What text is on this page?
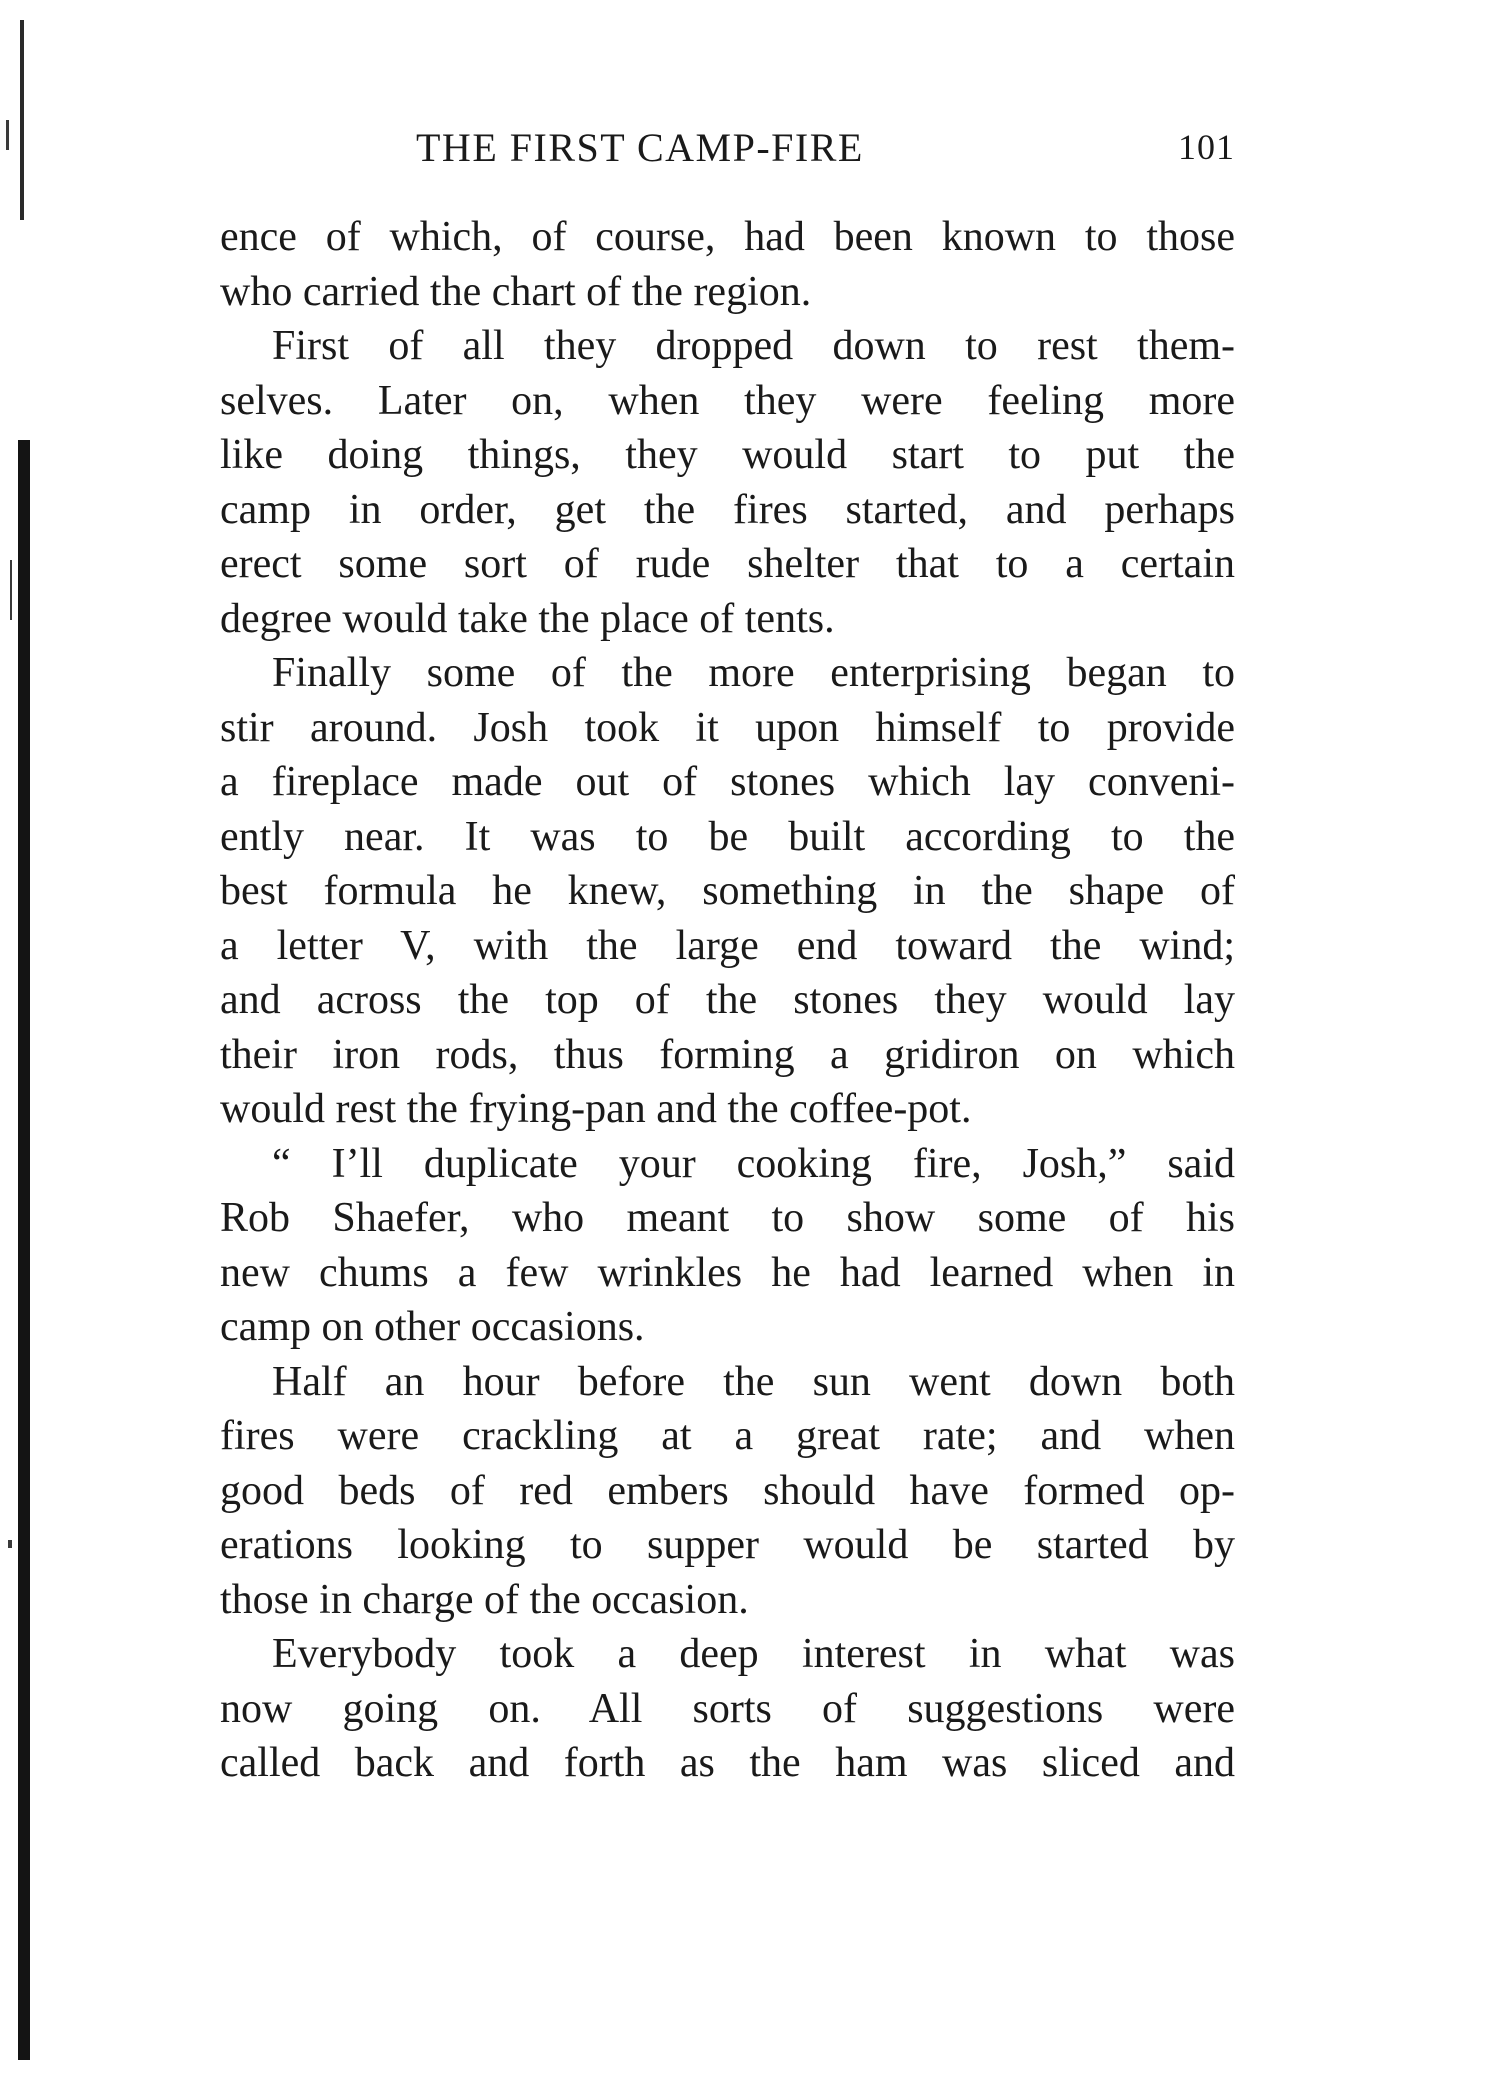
THE FIRST CAMP-FIRE	101
ence of which, of course, had been known to those
who carried the chart of the region.
First of all they dropped down to rest them-
selves. Later on, when they were feeling more
like doing things, they would start to put the
camp in order, get the fires started, and perhaps
erect some sort of rude shelter that to a certain
degree would take the place of tents.
Finally some of the more enterprising began to
stir around. Josh took it upon himself to provide
a fireplace made out of stones which lay conveni-
ently near. It was to be built according to the
best formula he knew, something in the shape of
a letter V, with the large end toward the wind;
and across the top of the stones they would lay
their iron rods, thus forming a gridiron on which
would rest the frying-pan and the coffee-pot.
“ I’ll duplicate your cooking fire, Josh,” said
Rob Shaefer, who meant to show some of his
new chums a few wrinkles he had learned when in
camp on other occasions.
Half an hour before the sun went down both
fires were crackling at a great rate; and when
good beds of red embers should have formed op-
erations looking to supper would be started by
those in charge of the occasion.
Everybody took a deep interest in what was
now going on. All sorts of suggestions were
called back and forth as the ham was sliced and
